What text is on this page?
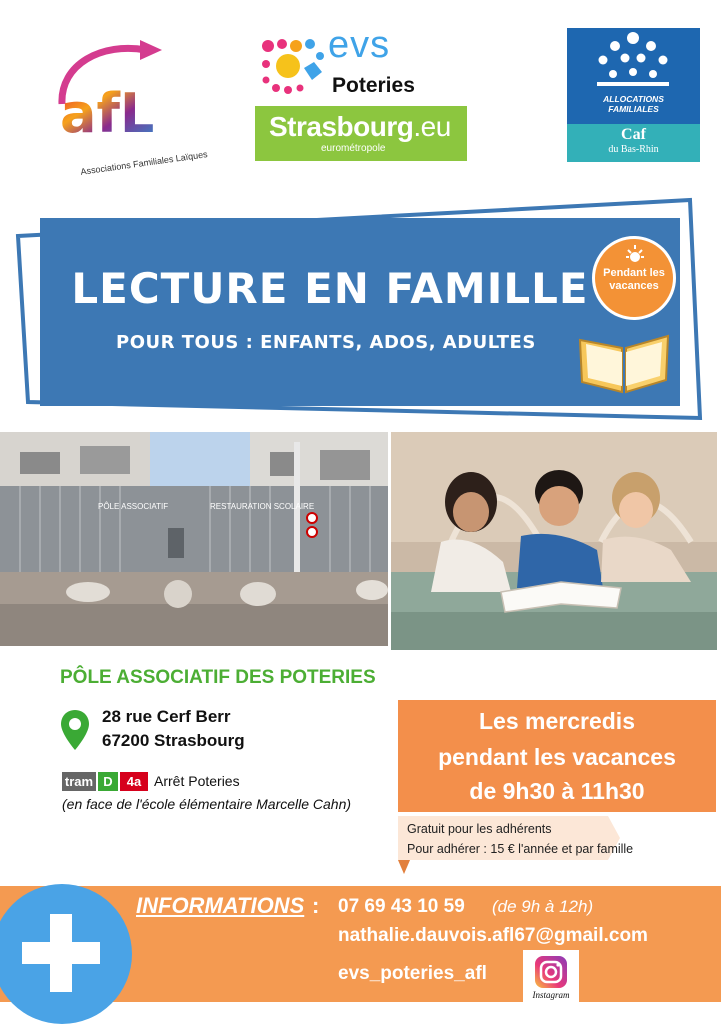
afL
Associations Familiales Laïques
evs
Poteries
Strasbourg.eu
eurométropole
ALLOCATIONS
FAMILIALES
Caf
du Bas-Rhin
LECTURE EN FAMILLE
POUR TOUS : ENFANTS, ADOS, ADULTES
Pendant les
vacances
PÔLE ASSOCIATIF	RESTAURATION SCOLAIRE
PÔLE ASSOCIATIF DES POTERIES
28 rue Cerf Berr
67200 Strasbourg
tram D	4a Arrêt Poteries
(en face de l'école élémentaire Marcelle Cahn)
Les mercredis
pendant les vacances
de 9h30 à 11h30
Gratuit pour les adhérents
Pour adhérer : 15 € l'année et par famille
INFORMATIONS : 07 69 43 10 59 (de 9h à 12h)
nathalie.dauvois.afl67@gmail.com
evs_poteries_afl
Instagram
